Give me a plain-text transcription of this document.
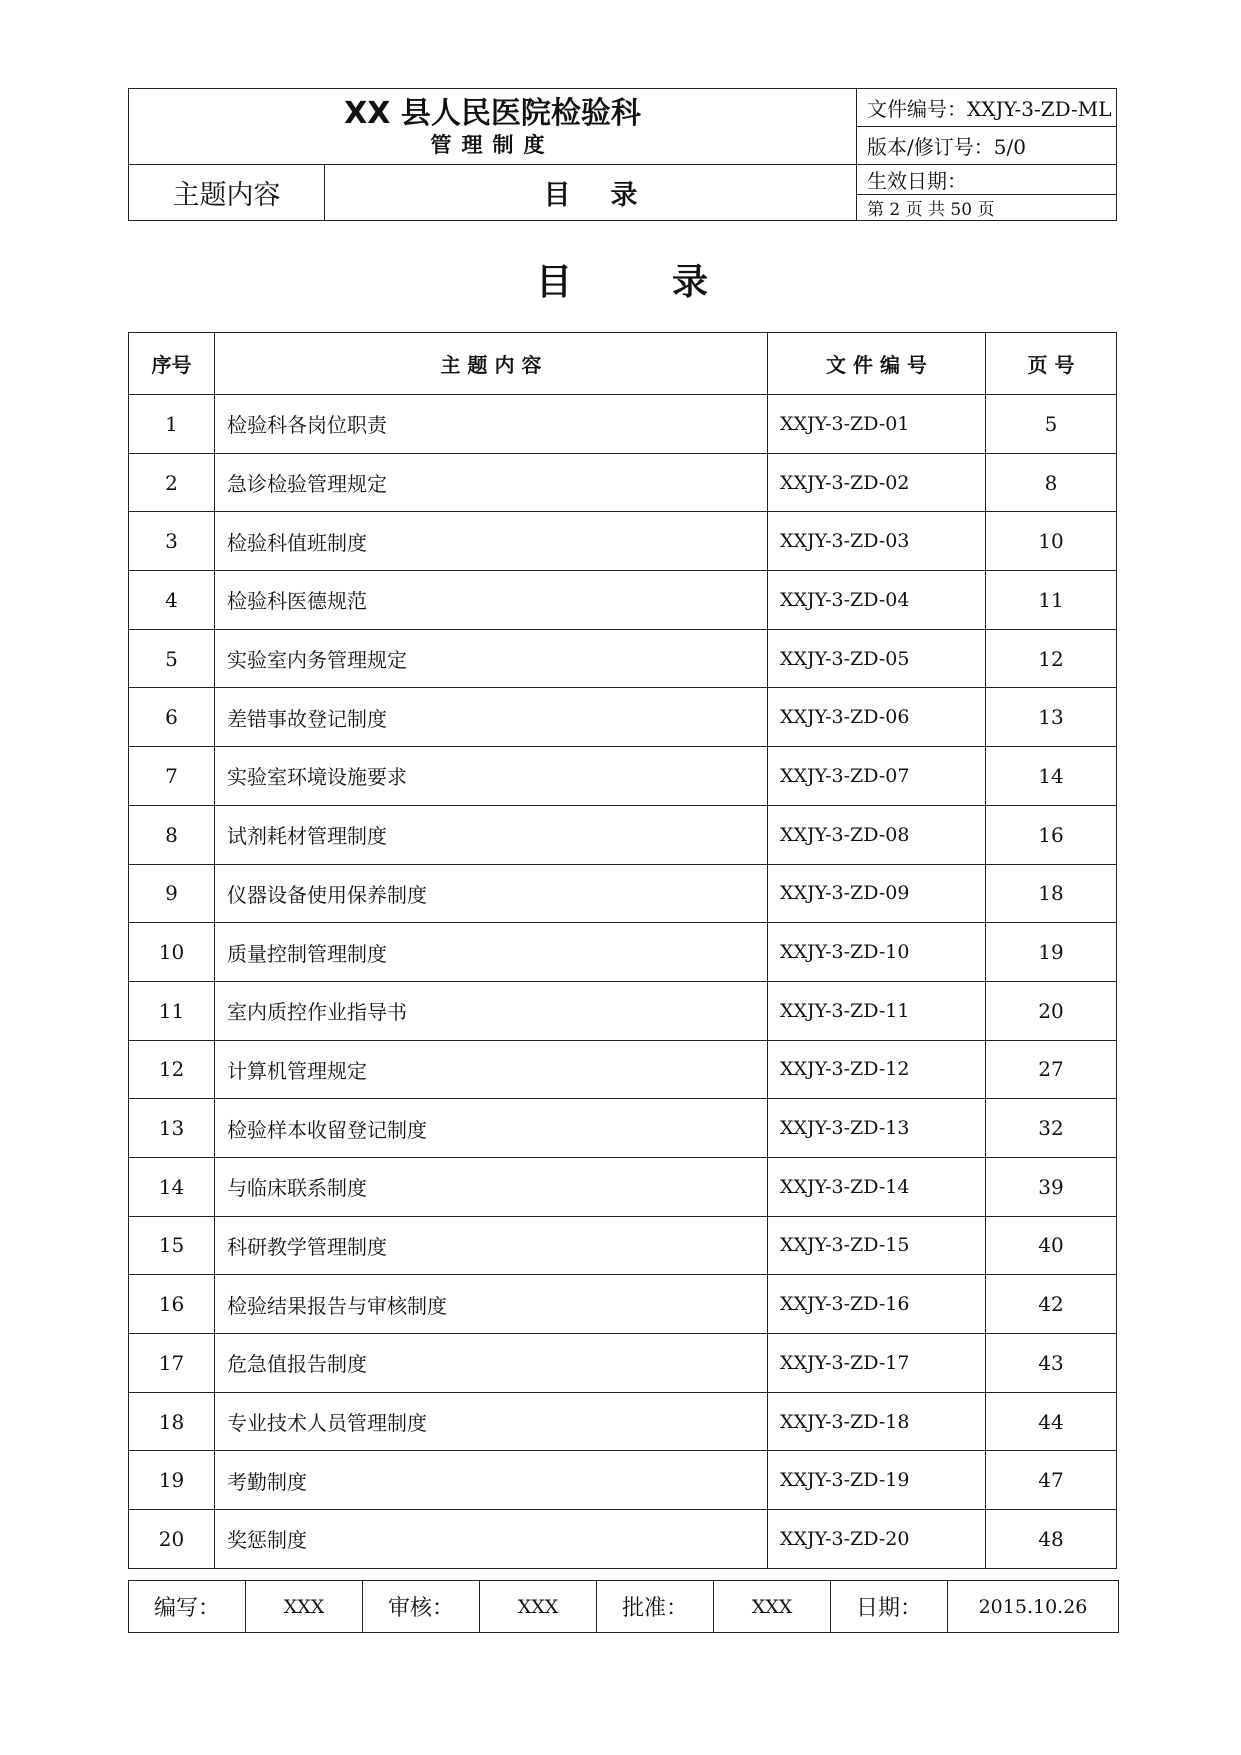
XX 县人民医院检验科
管理制度		文件编号：XXJY-3-ZD-ML
		版本/修订号：5/0
主题内容	目录	生效日期：
		第 2 页 共 50 页
目录
序号	主 题 内 容	文 件 编 号	页 号
1	检验科各岗位职责	XXJY-3-ZD-01	5
2	急诊检验管理规定	XXJY-3-ZD-02	8
3	检验科值班制度	XXJY-3-ZD-03	10
4	检验科医德规范	XXJY-3-ZD-04	11
5	实验室内务管理规定	XXJY-3-ZD-05	12
6	差错事故登记制度	XXJY-3-ZD-06	13
7	实验室环境设施要求	XXJY-3-ZD-07	14
8	试剂耗材管理制度	XXJY-3-ZD-08	16
9	仪器设备使用保养制度	XXJY-3-ZD-09	18
10	质量控制管理制度	XXJY-3-ZD-10	19
11	室内质控作业指导书	XXJY-3-ZD-11	20
12	计算机管理规定	XXJY-3-ZD-12	27
13	检验样本收留登记制度	XXJY-3-ZD-13	32
14	与临床联系制度	XXJY-3-ZD-14	39
15	科研教学管理制度	XXJY-3-ZD-15	40
16	检验结果报告与审核制度	XXJY-3-ZD-16	42
17	危急值报告制度	XXJY-3-ZD-17	43
18	专业技术人员管理制度	XXJY-3-ZD-18	44
19	考勤制度	XXJY-3-ZD-19	47
20	奖惩制度	XXJY-3-ZD-20	48
编写：	XXX	审核：	XXX	批准：	XXX	日期：	2015.10.26
